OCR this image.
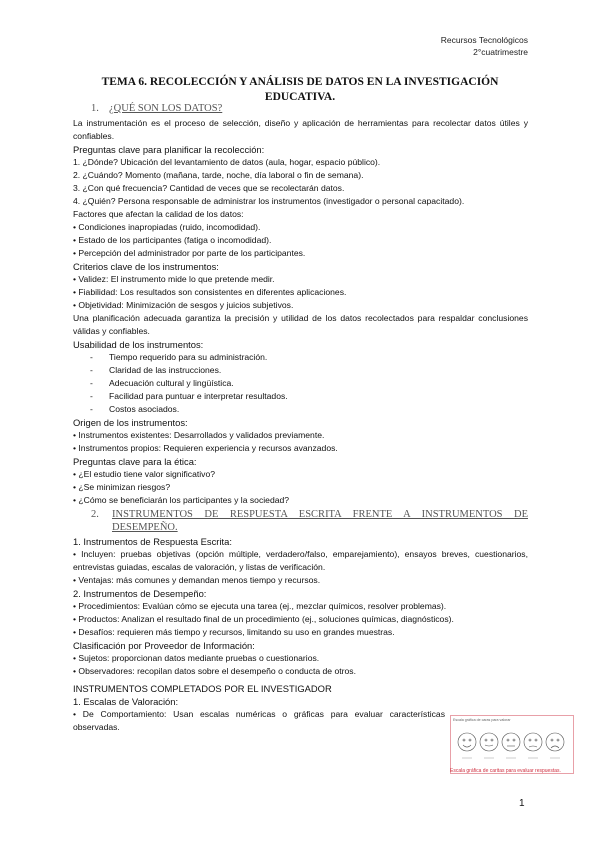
Recursos Tecnológicos
2°cuatrimestre
TEMA 6. RECOLECCIÓN Y ANÁLISIS DE DATOS EN LA INVESTIGACIÓN
EDUCATIVA.
1. ¿QUÉ SON LOS DATOS?

La instrumentación es el proceso de selección, diseño y aplicación de herramientas para recolectar datos útiles y confiables.

Preguntas clave para planificar la recolección:

1. ¿Dónde? Ubicación del levantamiento de datos (aula, hogar, espacio público).

2. ¿Cuándo? Momento (mañana, tarde, noche, día laboral o fin de semana).

3. ¿Con qué frecuencia? Cantidad de veces que se recolectarán datos.

4. ¿Quién? Persona responsable de administrar los instrumentos (investigador o personal capacitado).

Factores que afectan la calidad de los datos:

• Condiciones inapropiadas (ruido, incomodidad).

• Estado de los participantes (fatiga o incomodidad).

• Percepción del administrador por parte de los participantes.

Criterios clave de los instrumentos:

• Validez: El instrumento mide lo que pretende medir.

• Fiabilidad: Los resultados son consistentes en diferentes aplicaciones.

• Objetividad: Minimización de sesgos y juicios subjetivos.

Una planificación adecuada garantiza la precisión y utilidad de los datos recolectados para respaldar conclusiones válidas y confiables.

Usabilidad de los instrumentos:

-	Tiempo requerido para su administración.
-	Claridad de las instrucciones.
-	Adecuación cultural y lingüística.
-	Facilidad para puntuar e interpretar resultados.
-	Costos asociados.

Origen de los instrumentos:

• Instrumentos existentes: Desarrollados y validados previamente.

• Instrumentos propios: Requieren experiencia y recursos avanzados.

Preguntas clave para la ética:

• ¿El estudio tiene valor significativo?

• ¿Se minimizan riesgos?

• ¿Cómo se beneficiarán los participantes y la sociedad?

2.	INSTRUMENTOS DE RESPUESTA ESCRITA FRENTE A INSTRUMENTOS DE DESEMPEÑO.

1. Instrumentos de Respuesta Escrita:

• Incluyen: pruebas objetivas (opción múltiple, verdadero/falso, emparejamiento), ensayos breves, cuestionarios, entrevistas guiadas, escalas de valoración, y listas de verificación.

• Ventajas: más comunes y demandan menos tiempo y recursos.

2. Instrumentos de Desempeño:

• Procedimientos: Evalúan cómo se ejecuta una tarea (ej., mezclar químicos, resolver problemas).

• Productos: Analizan el resultado final de un procedimiento (ej., soluciones químicas, diagnósticos).

• Desafíos: requieren más tiempo y recursos, limitando su uso en grandes muestras.

Clasificación por Proveedor de Información:

• Sujetos: proporcionan datos mediante pruebas o cuestionarios.

• Observadores: recopilan datos sobre el desempeño o conducta de otros.

INSTRUMENTOS COMPLETADOS POR EL INVESTIGADOR

1. Escalas de Valoración:

• De Comportamiento: Usan escalas numéricas o gráficas para evaluar características observadas.

Escala gráfica de caras para valorar
Escala gráfica de caritas para evaluar respuestas.
1
